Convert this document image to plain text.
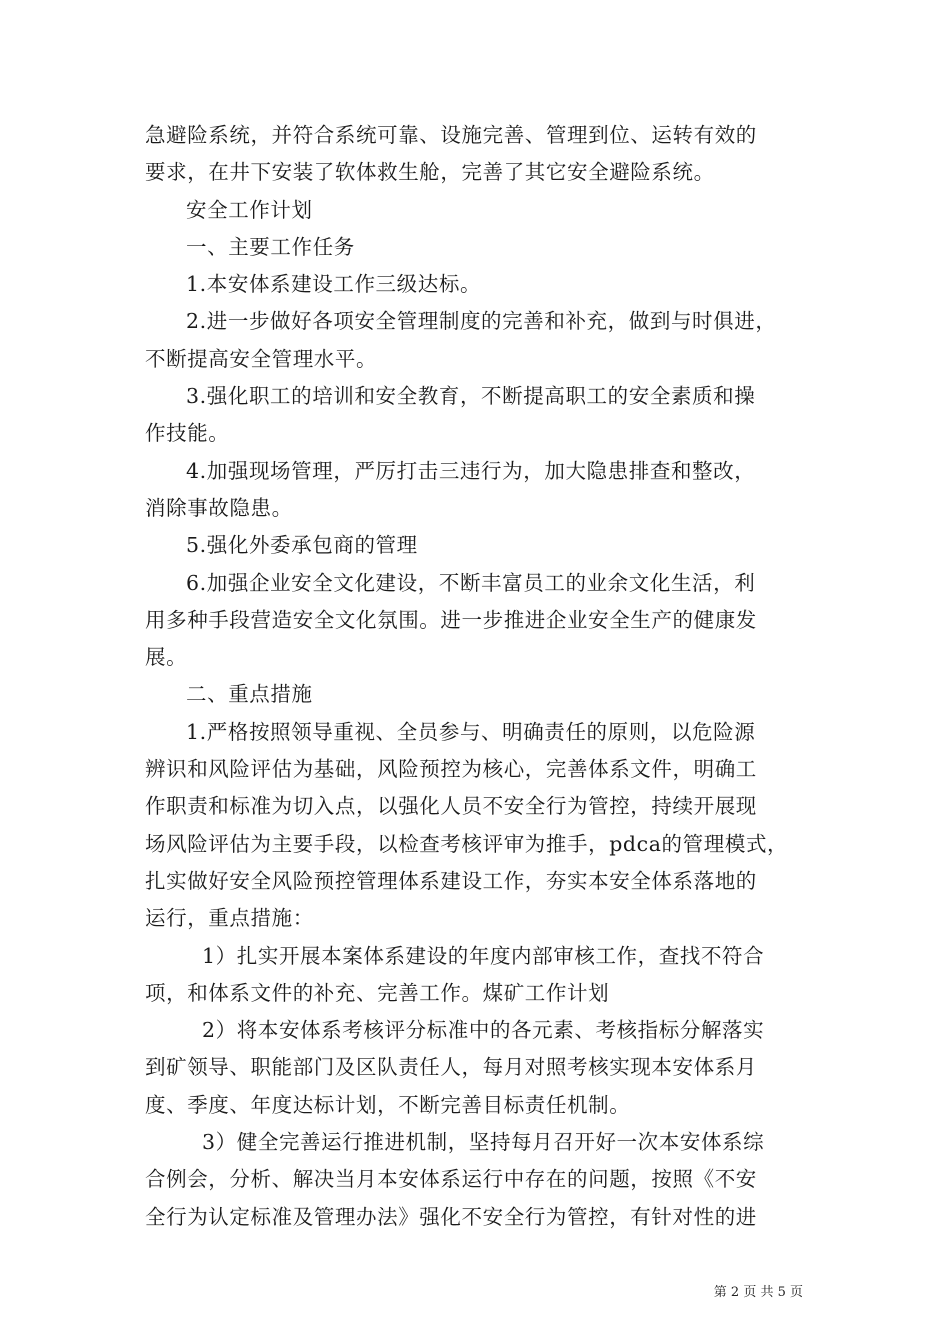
急避险系统，并符合系统可靠、设施完善、管理到位、运转有效的
要求，在井下安装了软体救生舱，完善了其它安全避险系统。
安全工作计划
一、主要工作任务
1.本安体系建设工作三级达标。
2.进一步做好各项安全管理制度的完善和补充，做到与时俱进，
不断提高安全管理水平。
3.强化职工的培训和安全教育，不断提高职工的安全素质和操
作技能。
4.加强现场管理，严厉打击三违行为，加大隐患排查和整改，
消除事故隐患。
5.强化外委承包商的管理
6.加强企业安全文化建设，不断丰富员工的业余文化生活，利
用多种手段营造安全文化氛围。进一步推进企业安全生产的健康发
展。
二、重点措施
1.严格按照领导重视、全员参与、明确责任的原则，以危险源
辨识和风险评估为基础，风险预控为核心，完善体系文件，明确工
作职责和标准为切入点，以强化人员不安全行为管控，持续开展现
场风险评估为主要手段，以检查考核评审为推手，pdca的管理模式，
扎实做好安全风险预控管理体系建设工作，夯实本安全体系落地的
运行，重点措施：
1）扎实开展本案体系建设的年度内部审核工作，查找不符合
项，和体系文件的补充、完善工作。煤矿工作计划
2）将本安体系考核评分标准中的各元素、考核指标分解落实
到矿领导、职能部门及区队责任人，每月对照考核实现本安体系月
度、季度、年度达标计划，不断完善目标责任机制。
3）健全完善运行推进机制，坚持每月召开好一次本安体系综
合例会，分析、解决当月本安体系运行中存在的问题，按照《不安
全行为认定标准及管理办法》强化不安全行为管控，有针对性的进
第 2 页 共 5 页
